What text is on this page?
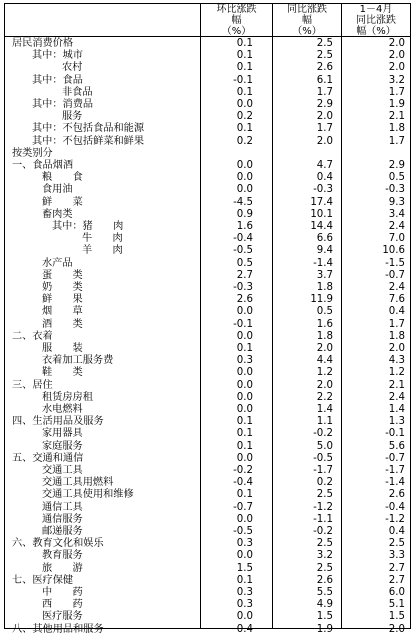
环比涨跌
幅
（%）
同比涨跌
幅
（%）
1－4月
同比涨跌
幅（%）
居民消费价格	0.1	2.5	2.0
其中：城市	0.1	2.5	2.0
农村	0.1	2.6	2.0
其中：食品	-0.1	6.1	3.2
非食品	0.1	1.7	1.7
其中：消费品	0.0	2.9	1.9
服务	0.2	2.0	2.1
其中：不包括食品和能源	0.1	1.7	1.8
其中：不包括鲜菜和鲜果	0.2	2.0	1.7
按类别分
一、食品烟酒	0.0	4.7	2.9
粮　　食	0.0	0.4	0.5
食用油	0.0	-0.3	-0.3
鲜　　菜	-4.5	17.4	9.3
畜肉类	0.9	10.1	3.4
其中：猪　　肉	1.6	14.4	2.4
牛　　肉	-0.4	6.6	7.0
羊　　肉	-0.5	9.4	10.6
水产品	0.5	-1.4	-1.5
蛋　　类	2.7	3.7	-0.7
奶　　类	-0.3	1.8	2.4
鲜　　果	2.6	11.9	7.6
烟　　草	0.0	0.5	0.4
酒　　类	-0.1	1.6	1.7
二、衣着	0.0	1.8	1.8
服　　装	0.1	2.0	2.0
衣着加工服务费	0.3	4.4	4.3
鞋　　类	0.0	1.2	1.2
三、居住	0.0	2.0	2.1
租赁房房租	0.0	2.2	2.4
水电燃料	0.0	1.4	1.4
四、生活用品及服务	0.1	1.1	1.3
家用器具	0.1	-0.2	-0.1
家庭服务	0.1	5.0	5.6
五、交通和通信	0.0	-0.5	-0.7
交通工具	-0.2	-1.7	-1.7
交通工具用燃料	-0.4	0.2	-1.4
交通工具使用和维修	0.1	2.5	2.6
通信工具	-0.7	-1.2	-0.4
通信服务	0.0	-1.1	-1.2
邮递服务	-0.5	-0.2	0.4
六、教育文化和娱乐	0.3	2.5	2.5
教育服务	0.0	3.2	3.3
旅　　游	1.5	2.5	2.7
七、医疗保健	0.1	2.6	2.7
中　　药	0.3	5.5	6.0
西　　药	0.3	4.9	5.1
医疗服务	0.0	1.5	1.5
八、其他用品和服务	0.4	1.9	2.0
